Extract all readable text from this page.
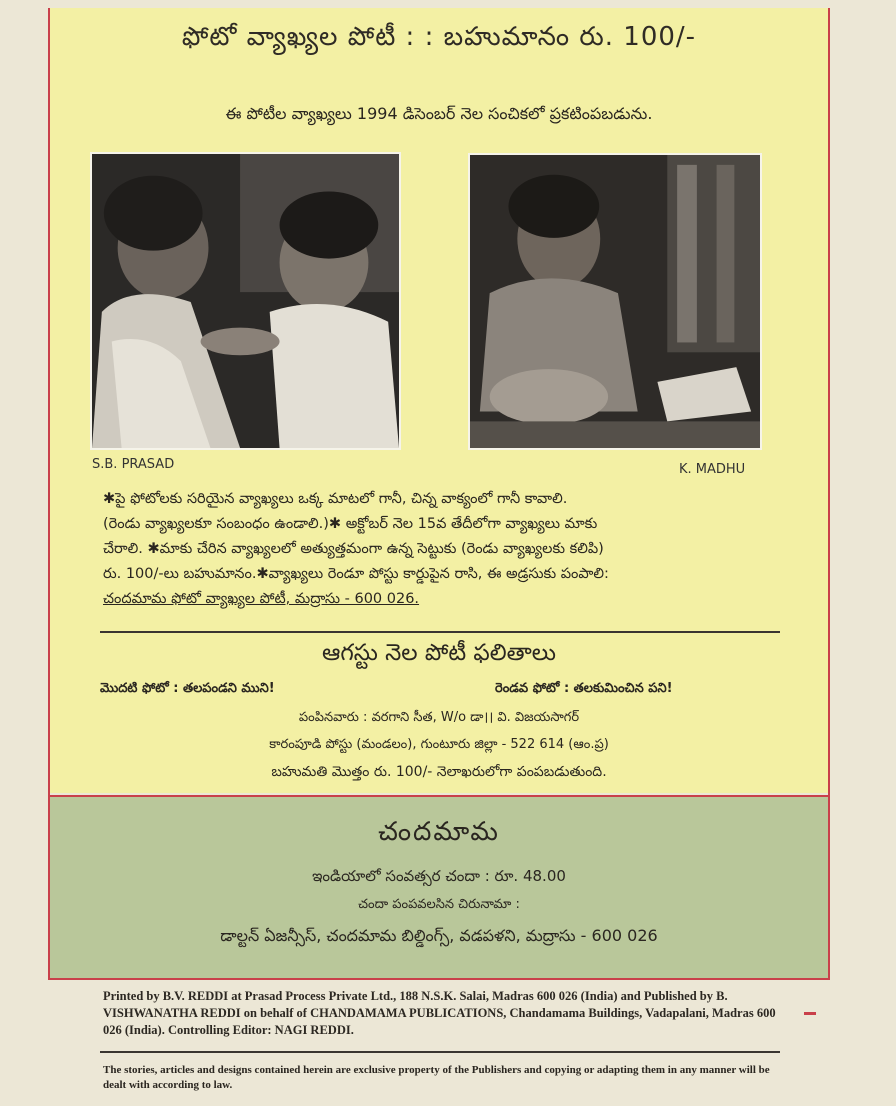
ఫోటో వ్యాఖ్యల పోటీ : : బహుమానం రు. 100/-
ఈ పోటీల వ్యాఖ్యలు 1994 డిసెంబర్ నెల సంచికలో ప్రకటింపబడును.
S.B. PRASAD	K. MADHU
✱పై ఫోటోలకు సరియైన వ్యాఖ్యలు ఒక్క మాటలో గానీ, చిన్న వాక్యంలో గానీ కావాలి.
(రెండు వ్యాఖ్యలకూ సంబంధం ఉండాలి.)✱ అక్టోబర్ నెల 15వ తేదీలోగా వ్యాఖ్యలు మాకు
చేరాలి. ✱మాకు చేరిన వ్యాఖ్యలలో అత్యుత్తమంగా ఉన్న సెట్టుకు (రెండు వ్యాఖ్యలకు కలిపి)
రు. 100/-లు బహుమానం.✱వ్యాఖ్యలు రెండూ పోస్టు కార్డుపైన రాసి, ఈ అడ్రసుకు పంపాలి:
చందమామ ఫోటో వ్యాఖ్యల పోటీ, మద్రాసు - 600 026.
ఆగస్టు నెల పోటీ ఫలితాలు
మొదటి ఫోటో : తలపండని ముని!	రెండవ ఫోటో : తలకుమించిన పని!
పంపినవారు : వరగాని సీత, W/o డా।। వి. విజయసాగర్
కారంపూడి పోస్టు (మండలం), గుంటూరు జిల్లా - 522 614 (ఆం.ప్ర)
బహుమతి మొత్తం రు. 100/- నెలాఖరులోగా పంపబడుతుంది.
చందమామ
ఇండియాలో సంవత్సర చందా : రూ. 48.00
చందా పంపవలసిన చిరునామా :
డాల్టన్ ఏజన్సీస్, చందమామ బిల్డింగ్స్, వడపళని, మద్రాసు - 600 026
Printed by B.V. REDDI at Prasad Process Private Ltd., 188 N.S.K. Salai, Madras 600 026 (India) and Published by B. VISHWANATHA REDDI on behalf of CHANDAMAMA PUBLICATIONS, Chandamama Buildings, Vadapalani, Madras 600 026 (India). Controlling Editor: NAGI REDDI.
The stories, articles and designs contained herein are exclusive property of the Publishers and copying or adapting them in any manner will be dealt with according to law.
